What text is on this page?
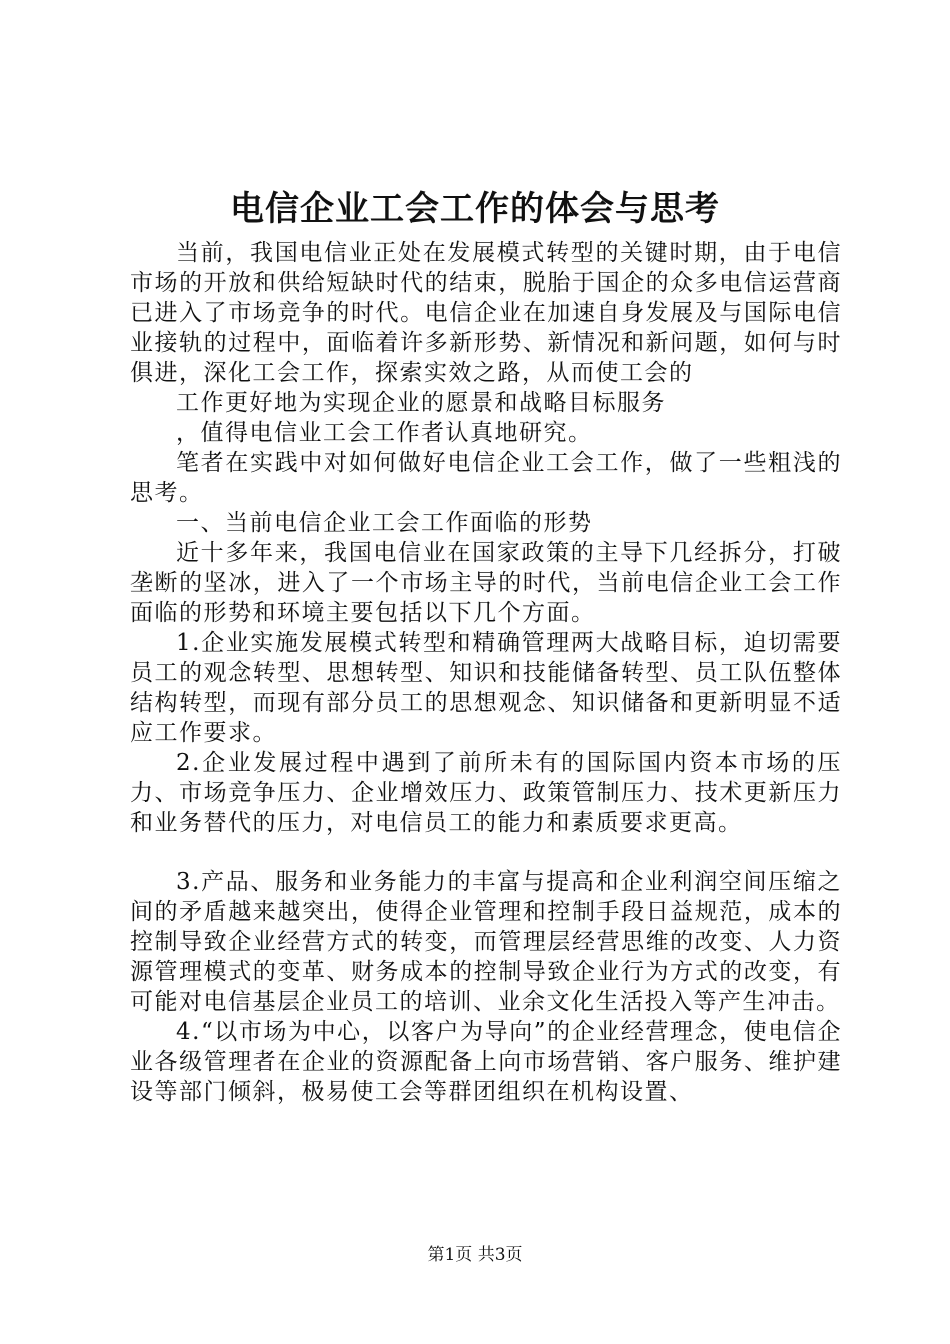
电信企业工会工作的体会与思考

当前，我国电信业正处在发展模式转型的关键时期，由于电信市场的开放和供给短缺时代的结束，脱胎于国企的众多电信运营商已进入了市场竞争的时代。电信企业在加速自身发展及与国际电信业接轨的过程中，面临着许多新形势、新情况和新问题，如何与时俱进，深化工会工作，探索实效之路，从而使工会的

工作更好地为实现企业的愿景和战略目标服务

，值得电信业工会工作者认真地研究。

笔者在实践中对如何做好电信企业工会工作，做了一些粗浅的思考。

一、当前电信企业工会工作面临的形势

近十多年来，我国电信业在国家政策的主导下几经拆分，打破垄断的坚冰，进入了一个市场主导的时代，当前电信企业工会工作面临的形势和环境主要包括以下几个方面。

1.企业实施发展模式转型和精确管理两大战略目标，迫切需要员工的观念转型、思想转型、知识和技能储备转型、员工队伍整体结构转型，而现有部分员工的思想观念、知识储备和更新明显不适应工作要求。

2.企业发展过程中遇到了前所未有的国际国内资本市场的压力、市场竞争压力、企业增效压力、政策管制压力、技术更新压力和业务替代的压力，对电信员工的能力和素质要求更高。

3.产品、服务和业务能力的丰富与提高和企业利润空间压缩之间的矛盾越来越突出，使得企业管理和控制手段日益规范，成本的控制导致企业经营方式的转变，而管理层经营思维的改变、人力资源管理模式的变革、财务成本的控制导致企业行为方式的改变，有可能对电信基层企业员工的培训、业余文化生活投入等产生冲击。

4.“以市场为中心，以客户为导向”的企业经营理念，使电信企业各级管理者在企业的资源配备上向市场营销、客户服务、维护建设等部门倾斜，极易使工会等群团组织在机构设置、

第1页 共3页
